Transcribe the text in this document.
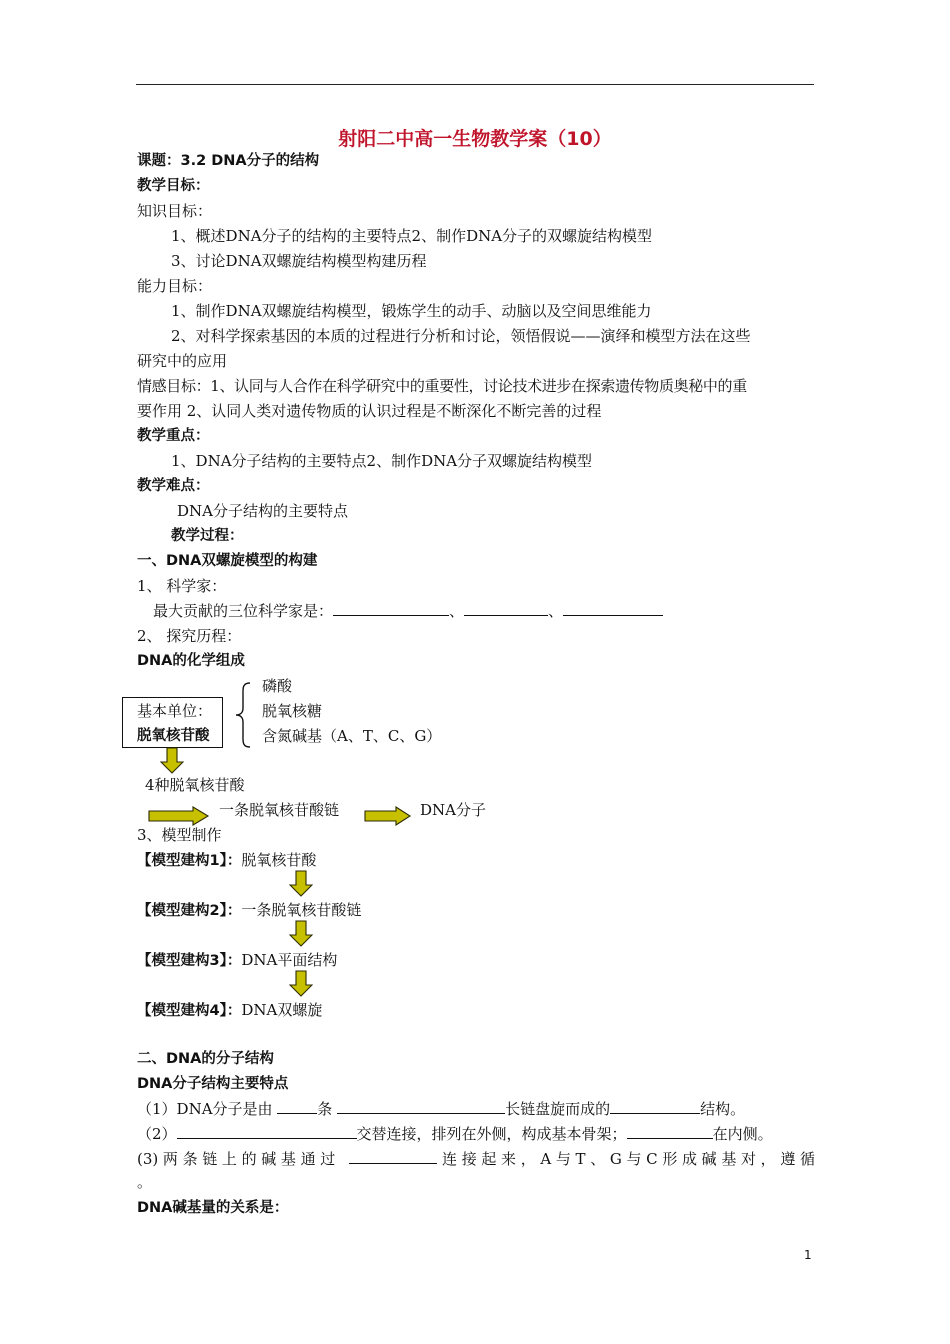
射阳二中高一生物教学案（10）
课题：3.2 DNA分子的结构
教学目标：
知识目标：
1、概述DNA分子的结构的主要特点2、制作DNA分子的双螺旋结构模型
3、讨论DNA双螺旋结构模型构建历程
能力目标：
1、制作DNA双螺旋结构模型，锻炼学生的动手、动脑以及空间思维能力
2、对科学探索基因的本质的过程进行分析和讨论，领悟假说——演绎和模型方法在这些
研究中的应用
情感目标：1、认同与人合作在科学研究中的重要性，讨论技术进步在探索遗传物质奥秘中的重
要作用 2、认同人类对遗传物质的认识过程是不断深化不断完善的过程
教学重点：
1、DNA分子结构的主要特点2、制作DNA分子双螺旋结构模型
教学难点：
DNA分子结构的主要特点
教学过程：
一、DNA双螺旋模型的构建
1、 科学家：
最大贡献的三位科学家是：	、	、
2、 探究历程：
DNA的化学组成
磷酸
脱氧核糖
含氮碱基（A、T、C、G）
基本单位：
脱氧核苷酸
4种脱氧核苷酸
一条脱氧核苷酸链	DNA分子
3、模型制作
【模型建构1】：脱氧核苷酸
【模型建构2】：一条脱氧核苷酸链
【模型建构3】：DNA平面结构
【模型建构4】：DNA双螺旋
二、DNA的分子结构
DNA分子结构主要特点
（1）DNA分子是由	条	长链盘旋而成的	结构。
（2）	交替连接，排列在外侧，构成基本骨架；	在内侧。
(3)两条链上的碱基通过	连接起来，A与T、G与C形成碱基对，遵循
。
DNA碱基量的关系是：
1
